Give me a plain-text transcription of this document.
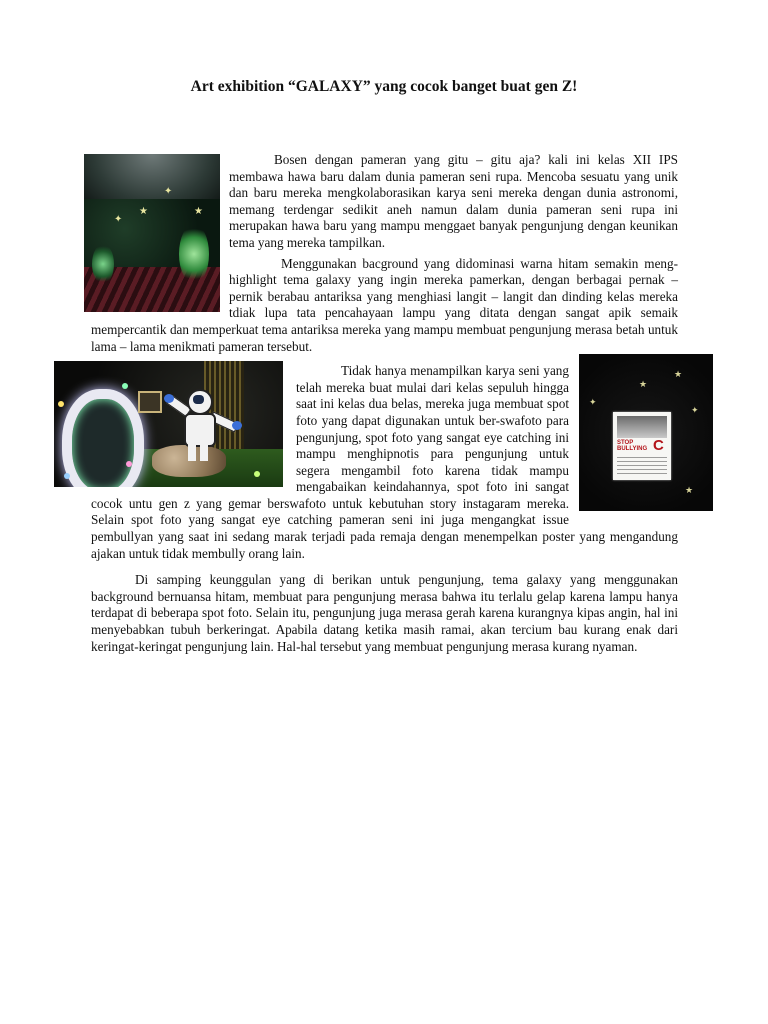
Art exhibition “GALAXY” yang cocok banget buat gen Z!
★
✦
✦
★

Bosen dengan pameran yang gitu – gitu aja? kali ini kelas XII IPS membawa hawa baru dalam dunia pameran seni rupa. Mencoba sesuatu yang unik dan baru mereka mengkolaborasikan karya seni mereka dengan dunia astronomi, memang terdengar sedikit aneh namun dalam dunia pameran seni rupa ini merupakan hawa baru yang mampu menggaet banyak pengunjung dengan keunikan tema yang mereka tampilkan.

Menggunakan bacground yang didominasi warna hitam semakin meng-highlight tema galaxy yang ingin mereka pamerkan, dengan berbagai pernak – pernik berabau antariksa yang menghiasi langit – langit dan dinding kelas mereka tdiak lupa tata pencahayaan lampu yang ditata dengan sangat apik semaik mempercantik dan memperkuat tema antariksa mereka yang mampu membuat pengunjung merasa betah untuk lama – lama menikmati pameran tersebut.

★
★
✦
✦
★
STOP BULLYING C

Tidak hanya menampilkan karya seni yang telah mereka buat mulai dari kelas sepuluh hingga saat ini kelas dua belas, mereka juga membuat spot foto yang dapat digunakan untuk ber-swafoto para pengunjung, spot foto yang sangat eye catching ini mampu menghipnotis para pengunjung untuk segera mengambil foto karena tidak mampu mengabaikan keindahannya, spot foto ini sangat cocok untu gen z yang gemar berswafoto untuk kebutuhan story instagaram mereka. Selain spot foto yang sangat eye catching pameran seni ini juga mengangkat issue pembullyan yang saat ini sedang marak terjadi pada remaja dengan menempelkan poster yang mengandung ajakan untuk tidak membully orang lain.

Di samping keunggulan yang di berikan untuk pengunjung, tema galaxy yang menggunakan background bernuansa hitam, membuat para pengunjung merasa bahwa itu terlalu gelap karena lampu hanya terdapat di beberapa spot foto. Selain itu, pengunjung juga merasa gerah karena kurangnya kipas angin, hal ini menyebabkan tubuh berkeringat. Apabila datang ketika masih ramai, akan tercium bau kurang enak dari keringat-keringat pengunjung lain. Hal-hal tersebut yang membuat pengunjung merasa kurang nyaman.
